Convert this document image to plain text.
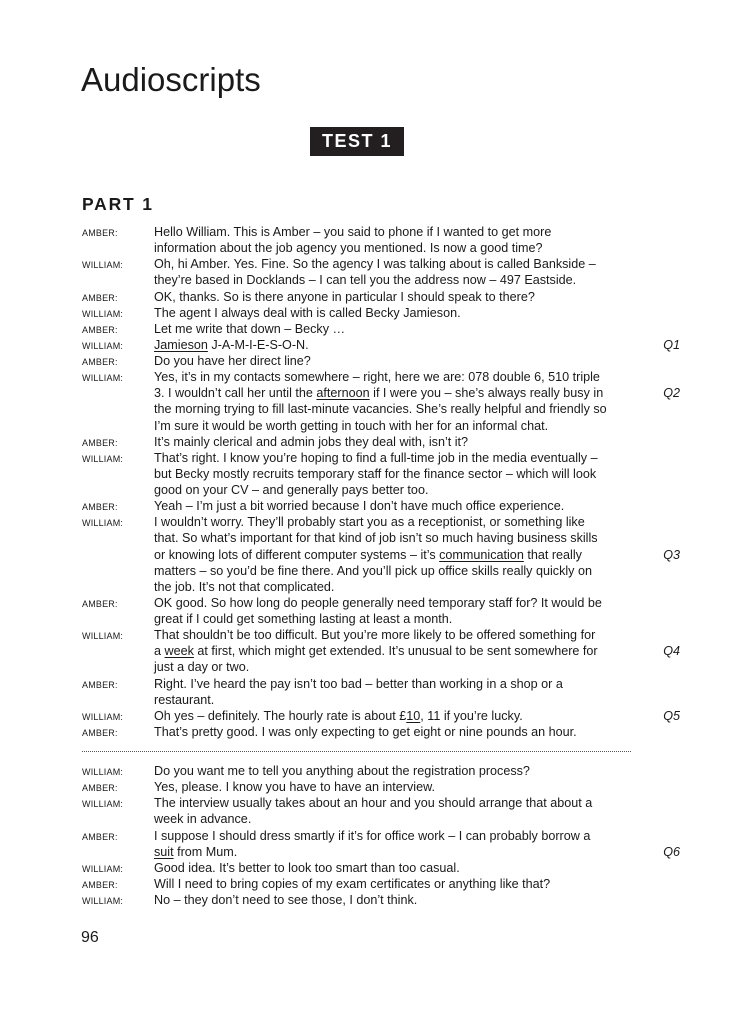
Audioscripts
TEST 1
PART 1
AMBER:	Hello William. This is Amber – you said to phone if I wanted to get more
information about the job agency you mentioned. Is now a good time?
WILLIAM: Oh, hi Amber. Yes. Fine. So the agency I was talking about is called Bankside –
they’re based in Docklands – I can tell you the address now – 497 Eastside.
AMBER:	OK, thanks. So is there anyone in particular I should speak to there?
WILLIAM: The agent I always deal with is called Becky Jamieson.
AMBER:	Let me write that down – Becky …
WILLIAM: Jamieson J-A-M-I-E-S-O-N.	Q1
AMBER:	Do you have her direct line?
WILLIAM: Yes, it’s in my contacts somewhere – right, here we are: 078 double 6, 510 triple
3. I wouldn’t call her until the afternoon if I were you – she’s always really busy in	Q2
the morning trying to fill last-minute vacancies. She’s really helpful and friendly so
I’m sure it would be worth getting in touch with her for an informal chat.
AMBER:	It’s mainly clerical and admin jobs they deal with, isn’t it?
WILLIAM: That’s right. I know you’re hoping to find a full-time job in the media eventually –
but Becky mostly recruits temporary staff for the finance sector – which will look
good on your CV – and generally pays better too.
AMBER:	Yeah – I’m just a bit worried because I don’t have much office experience.
WILLIAM: I wouldn’t worry. They’ll probably start you as a receptionist, or something like
that. So what’s important for that kind of job isn’t so much having business skills
or knowing lots of different computer systems – it’s communication that really	Q3
matters – so you’d be fine there. And you’ll pick up office skills really quickly on
the job. It’s not that complicated.
AMBER:	OK good. So how long do people generally need temporary staff for? It would be
great if I could get something lasting at least a month.
WILLIAM: That shouldn’t be too difficult. But you’re more likely to be offered something for
a week at first, which might get extended. It’s unusual to be sent somewhere for	Q4
just a day or two.
AMBER:	Right. I’ve heard the pay isn’t too bad – better than working in a shop or a
restaurant.
WILLIAM: Oh yes – definitely. The hourly rate is about £10, 11 if you’re lucky.	Q5
AMBER:	That’s pretty good. I was only expecting to get eight or nine pounds an hour.
WILLIAM: Do you want me to tell you anything about the registration process?
AMBER:	Yes, please. I know you have to have an interview.
WILLIAM: The interview usually takes about an hour and you should arrange that about a
week in advance.
AMBER:	I suppose I should dress smartly if it’s for office work – I can probably borrow a
suit from Mum.	Q6
WILLIAM: Good idea. It’s better to look too smart than too casual.
AMBER:	Will I need to bring copies of my exam certificates or anything like that?
WILLIAM: No – they don’t need to see those, I don’t think.
96
